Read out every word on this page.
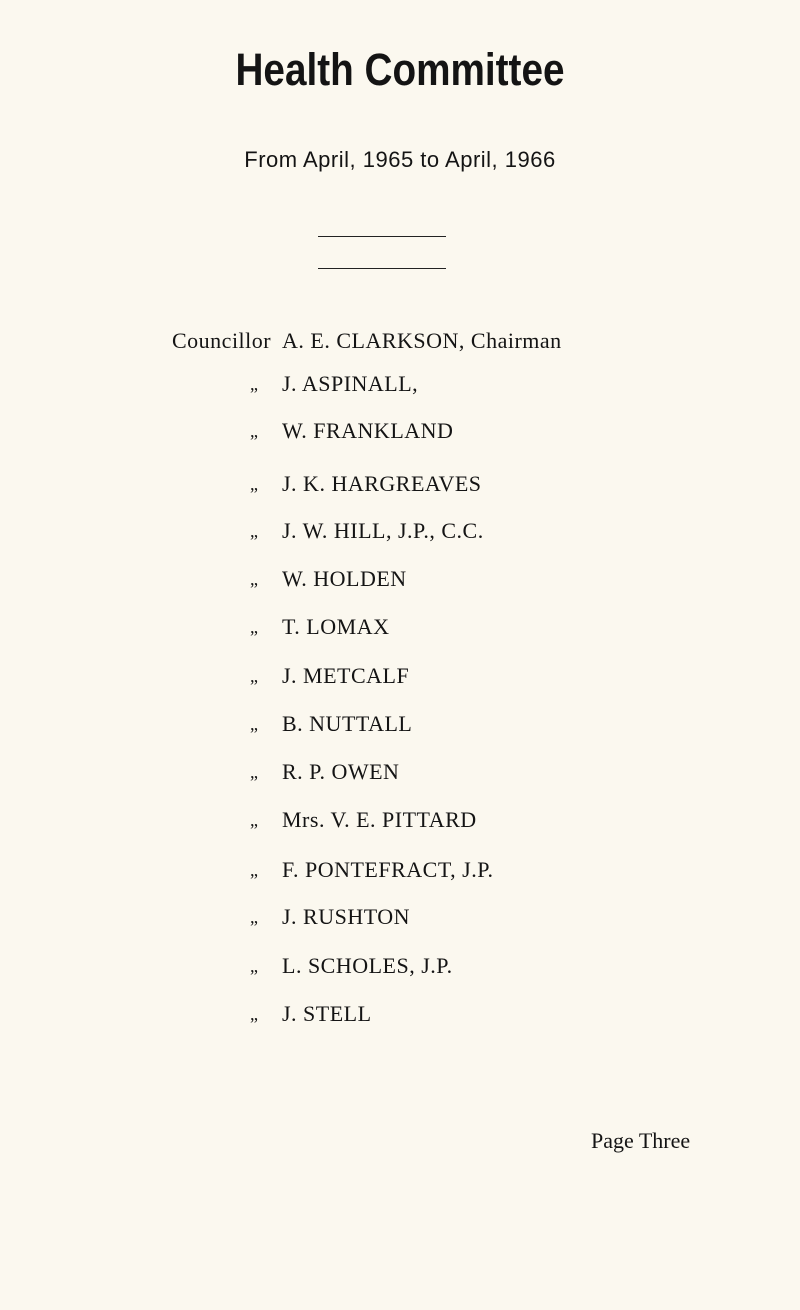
Health Committee
From April, 1965 to April, 1966
Councillor A. E. CLARKSON, Chairman
„ J. ASPINALL,
„ W. FRANKLAND
„ J. K. HARGREAVES
„ J. W. HILL, J.P., C.C.
„ W. HOLDEN
„ T. LOMAX
„ J. METCALF
„ B. NUTTALL
„ R. P. OWEN
„ Mrs. V. E. PITTARD
„ F. PONTEFRACT, J.P.
„ J. RUSHTON
„ L. SCHOLES, J.P.
„ J. STELL
Page Three
